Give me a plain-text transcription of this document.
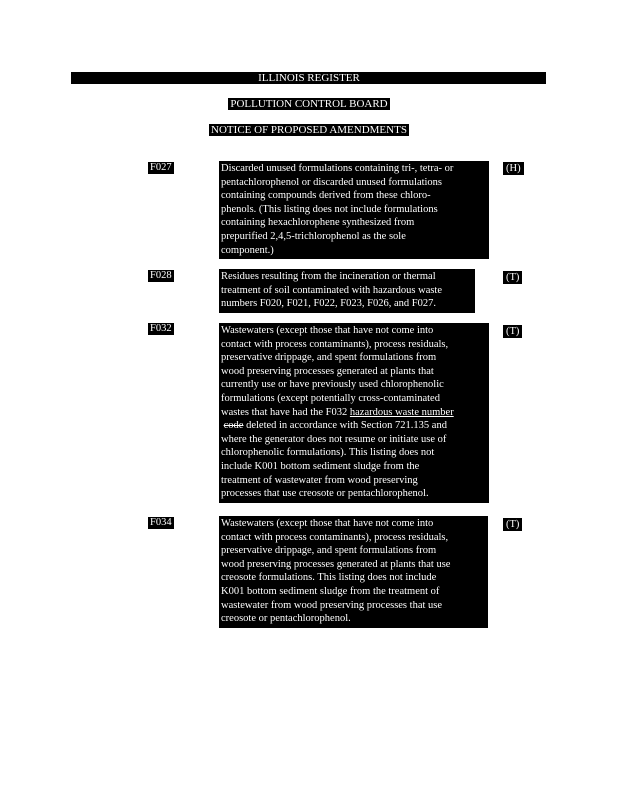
ILLINOIS REGISTER
POLLUTION CONTROL BOARD
NOTICE OF PROPOSED AMENDMENTS
F027	Discarded unused formulations containing tri-, tetra- or

pentachlorophenol or discarded unused formulations

containing compounds derived from these chloro-

phenols. (This listing does not include formulations

containing hexachlorophene synthesized from

prepurified 2,4,5-trichlorophenol as the sole

component.)

(H)
F028	Residues resulting from the incineration or thermal

treatment of soil contaminated with hazardous waste

numbers F020, F021, F022, F023, F026, and F027.

(T)
F032	Wastewaters (except those that have not come into

contact with process contaminants), process residuals,

preservative drippage, and spent formulations from

wood preserving processes generated at plants that

currently use or have previously used chlorophenolic

formulations (except potentially cross-contaminated

wastes that have had the F032 hazardous waste number

code deleted in accordance with Section 721.135 and

where the generator does not resume or initiate use of

chlorophenolic formulations). This listing does not

include K001 bottom sediment sludge from the

treatment of wastewater from wood preserving

processes that use creosote or pentachlorophenol.

(T)
F034	Wastewaters (except those that have not come into

contact with process contaminants), process residuals,

preservative drippage, and spent formulations from

wood preserving processes generated at plants that use

creosote formulations. This listing does not include

K001 bottom sediment sludge from the treatment of

wastewater from wood preserving processes that use

creosote or pentachlorophenol.

(T)
